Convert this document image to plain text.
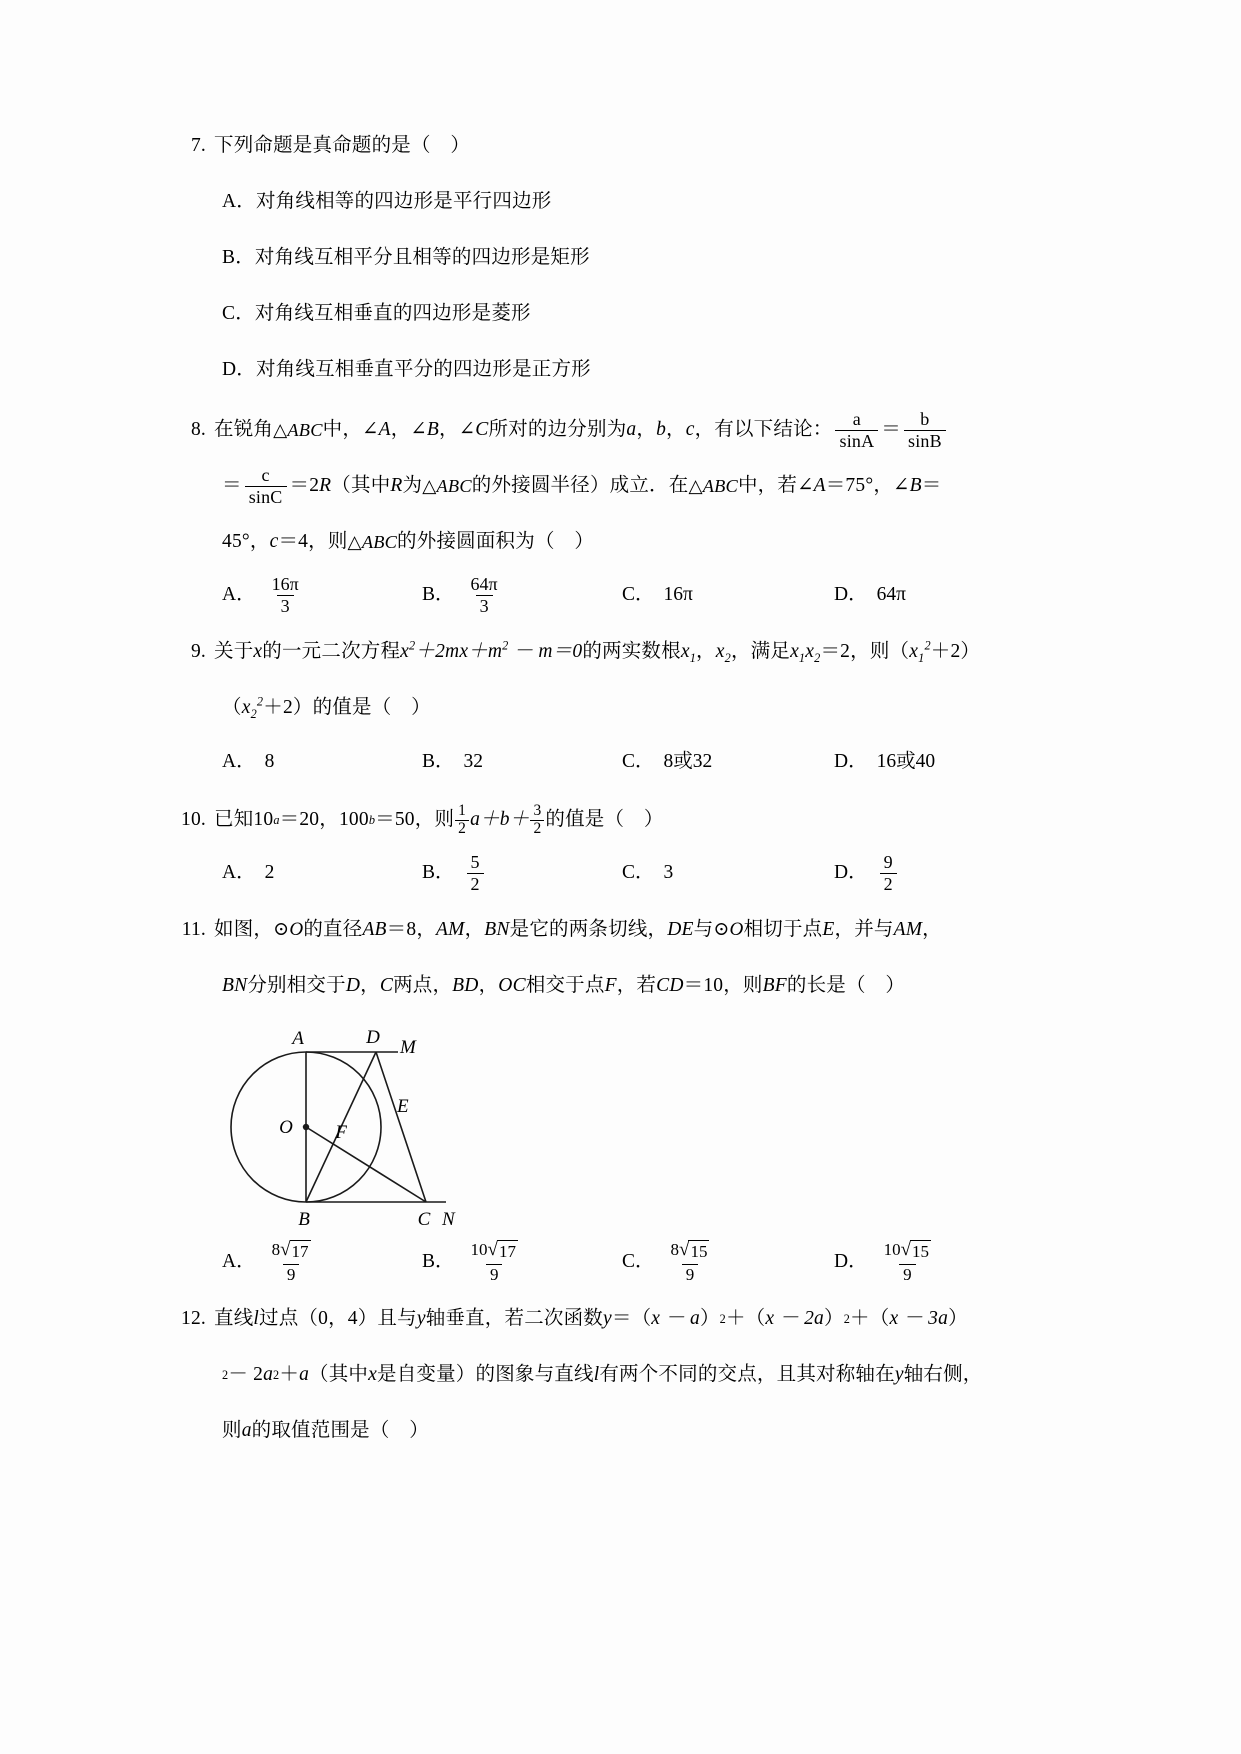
7. 下列命题是真命题的是（　）
A． 对角线相等的四边形是平行四边形
B． 对角线互相平分且相等的四边形是矩形
C． 对角线互相垂直的四边形是菱形
D． 对角线互相垂直平分的四边形是正方形
8. 在锐角 △ABC 中， ∠A ， ∠B ， ∠C 所对的边分别为 a ， b ， c ，有以下结论： $\frac{a}{\sin A} = \frac{b}{\sin B}$
＝ $\frac{c}{\sin C} =2$ R （其中 R 为 △ABC 的外接圆半径）成立．在 △ABC 中，若 ∠A ＝75°， ∠B ＝
45°， c ＝4，则 △ABC 的外接圆面积为（　）
A． $\frac{16\pi}{3}$	B． $\frac{64\pi}{3}$	C． 16π	D． 64π
9. 关于 x 的一元二次方程 $x^2+2mx+m^2 - m=0$ 的两实数根 $x_1$ ， $x_2$ ，满足 $x_1x_2 =2$，则（ $x_1^2 +2$）
（ $x_2^2 +2$）的值是（　）
A． 8	B． 32	C． 8或32	D． 16或40
10. 已知10 a ＝20，100 b ＝50，则 $\frac{1}{2} a+b+ \frac{3}{2}$ 的值是（　）
A． 2	B． $\frac{5}{2}$	C． 3	D． $\frac{9}{2}$
11. 如图， ⊙O 的直径 AB ＝8， AM ， BN 是它的两条切线， DE 与 ⊙O 相切于点 E ，并与 AM ，
BN 分别相交于 D ， C 两点， BD ， OC 相交于点 F ，若 CD ＝10，则 BF 的长是（　）
A	D M
E
O F
B	C N
A． $\frac{8 √ 17}{9}$	B． $\frac{10 √ 17}{9}$	C． $\frac{8 √ 15}{9}$	D． $\frac{10 √ 15}{9}$
12. 直线 l 过点（0，4）且与 y 轴垂直，若二次函数 y ＝（ x － a ） 2 ＋（ x － 2a ） 2 ＋（ x － 3a ）
2 － 2 a 2 ＋ a （其中 x 是自变量）的图象与直线 l 有两个不同的交点，且其对称轴在 y 轴右侧，
则 a 的取值范围是（　）
